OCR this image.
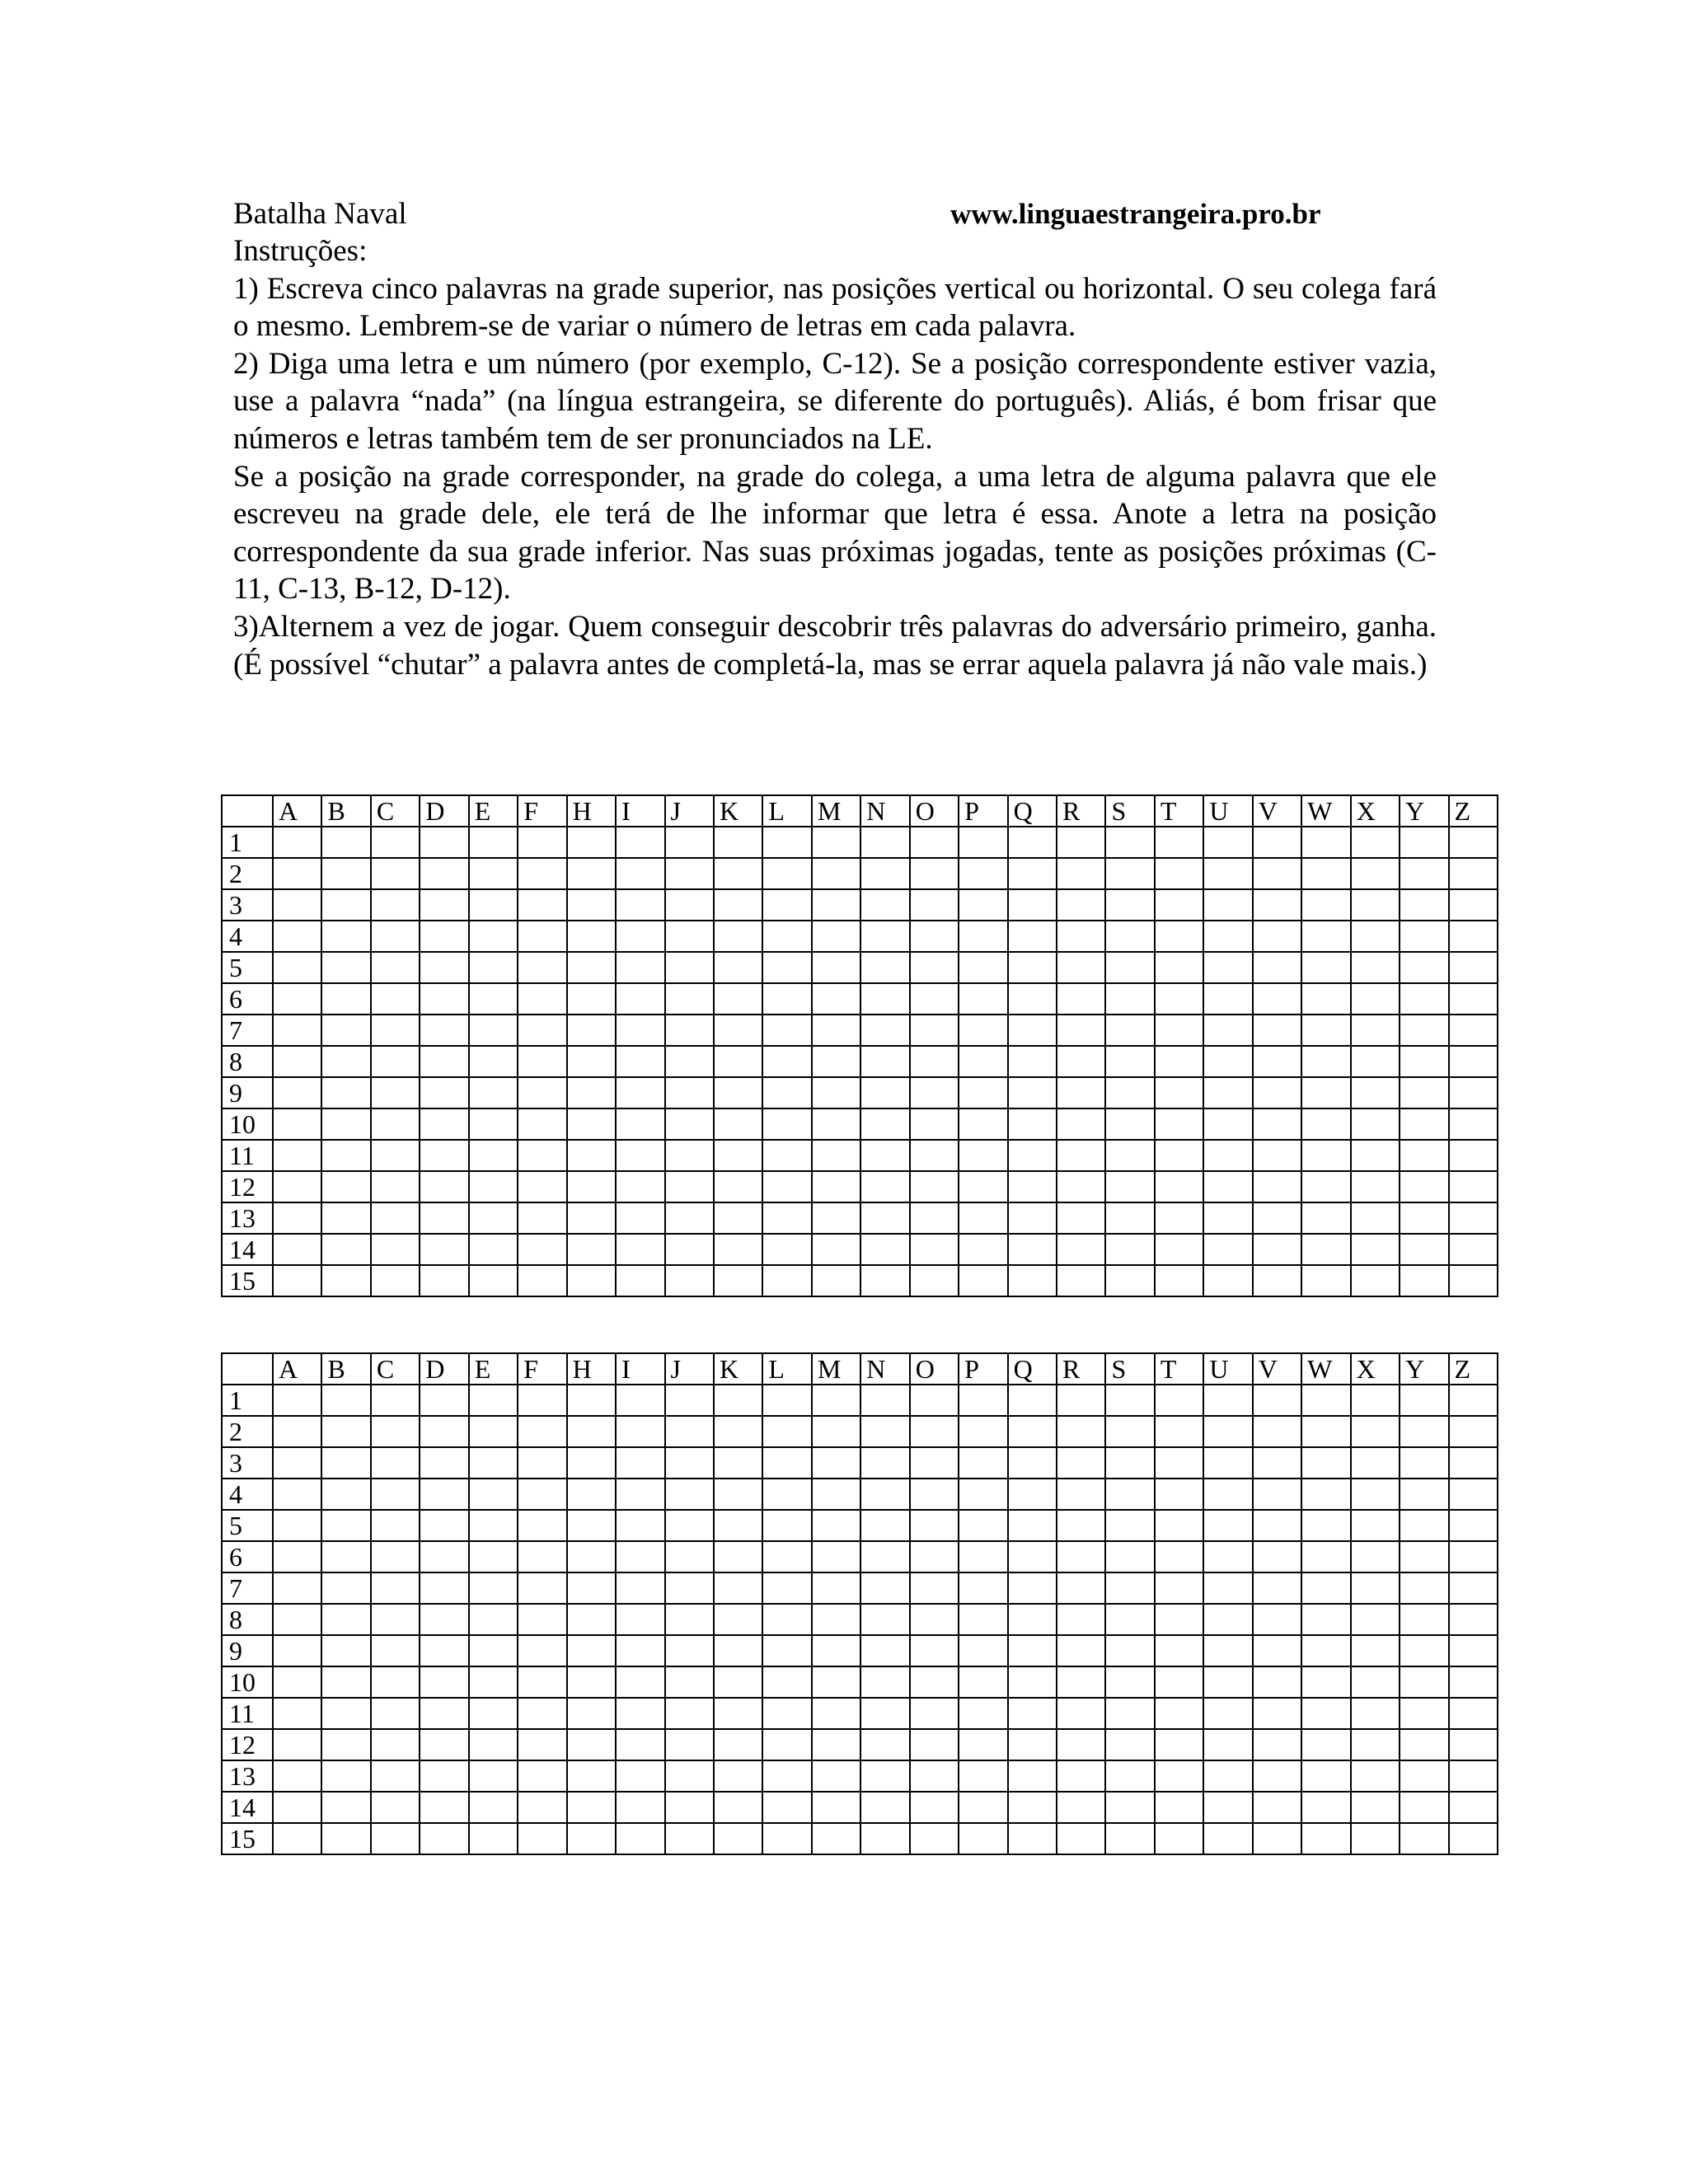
Batalha Naval	www.linguaestrangeira.pro.br

Instruções:

1) Escreva cinco palavras na grade superior, nas posições vertical ou horizontal. O seu colega fará o mesmo. Lembrem-se de variar o número de letras em cada palavra.

2) Diga uma letra e um número (por exemplo, C-12). Se a posição correspondente estiver vazia, use a palavra “nada” (na língua estrangeira, se diferente do português). Aliás, é bom frisar que números e letras também tem de ser pronunciados na LE.

Se a posição na grade corresponder, na grade do colega, a uma letra de alguma palavra que ele escreveu na grade dele, ele terá de lhe informar que letra é essa. Anote a letra na posição correspondente da sua grade inferior. Nas suas próximas jogadas, tente as posições próximas (C-11, C-13, B-12, D-12).

3)Alternem a vez de jogar. Quem conseguir descobrir três palavras do adversário primeiro, ganha. (É possível “chutar” a palavra antes de completá-la, mas se errar aquela palavra já não vale mais.)

	A	B	C	D	E	F	H	I	J	K	L	M	N	O	P	Q	R	S	T	U	V	W	X	Y	Z
1																									
2																									
3																									
4																									
5																									
6																									
7																									
8																									
9																									
10																									
11																									
12																									
13																									
14																									
15																									
	A	B	C	D	E	F	H	I	J	K	L	M	N	O	P	Q	R	S	T	U	V	W	X	Y	Z
1																									
2																									
3																									
4																									
5																									
6																									
7																									
8																									
9																									
10																									
11																									
12																									
13																									
14																									
15																									
